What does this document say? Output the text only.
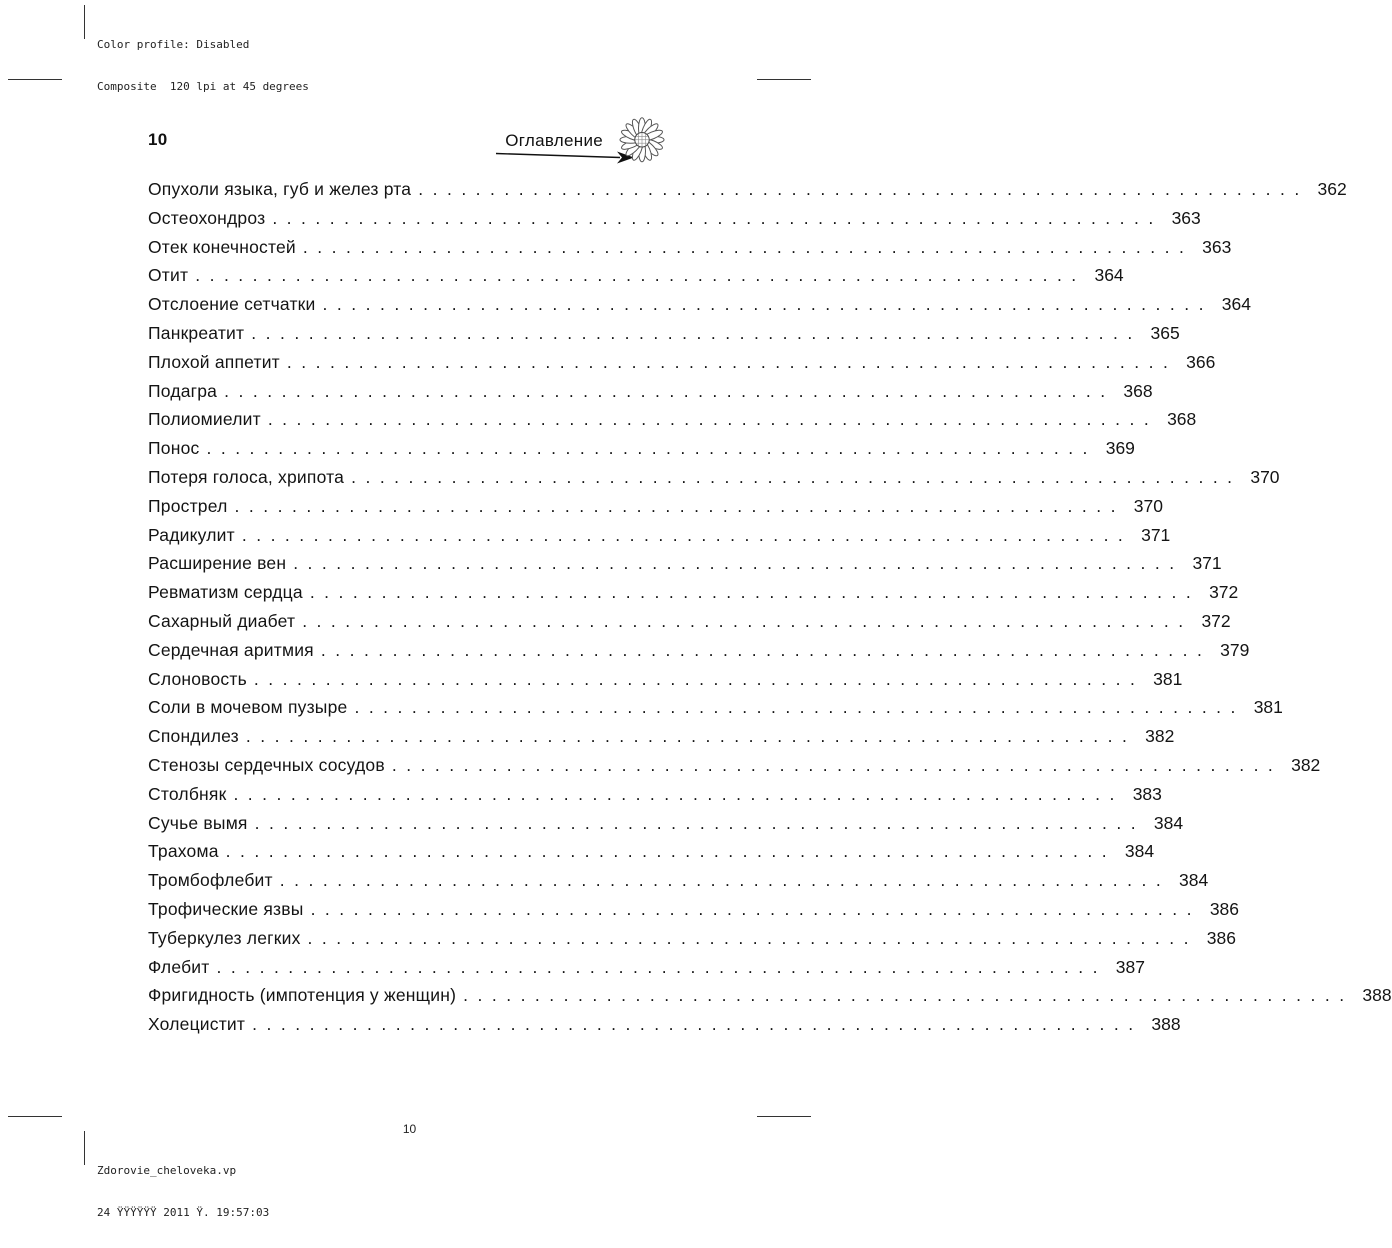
Color profile: Disabled

Composite  120 lpi at 45 degrees

10	Оглавление
Опухоли языка, губ и желез рта .....	362
Остеохондроз .....	363
Отек конечностей .....	363
Отит .....	364
Отслоение сетчатки .....	364
Панкреатит .....	365
Плохой аппетит .....	366
Подагра .....	368
Полиомиелит .....	368
Понос .....	369
Потеря голоса, хрипота .....	370
Прострел .....	370
Радикулит .....	371
Расширение вен .....	371
Ревматизм сердца .....	372
Сахарный диабет .....	372
Сердечная аритмия .....	379
Слоновость .....	381
Соли в мочевом пузыре .....	381
Спондилез .....	382
Стенозы сердечных сосудов .....	382
Столбняк .....	383
Сучье вымя .....	384
Трахома .....	384
Тромбофлебит .....	384
Трофические язвы .....	386
Туберкулез легких .....	386
Флебит .....	387
Фригидность (импотенция у женщин) .....	388
Холецистит .....	388
10

Zdorovie_cheloveka.vp

24 ŸŸŸŸŸŸ 2011 Ÿ. 19:57:03
